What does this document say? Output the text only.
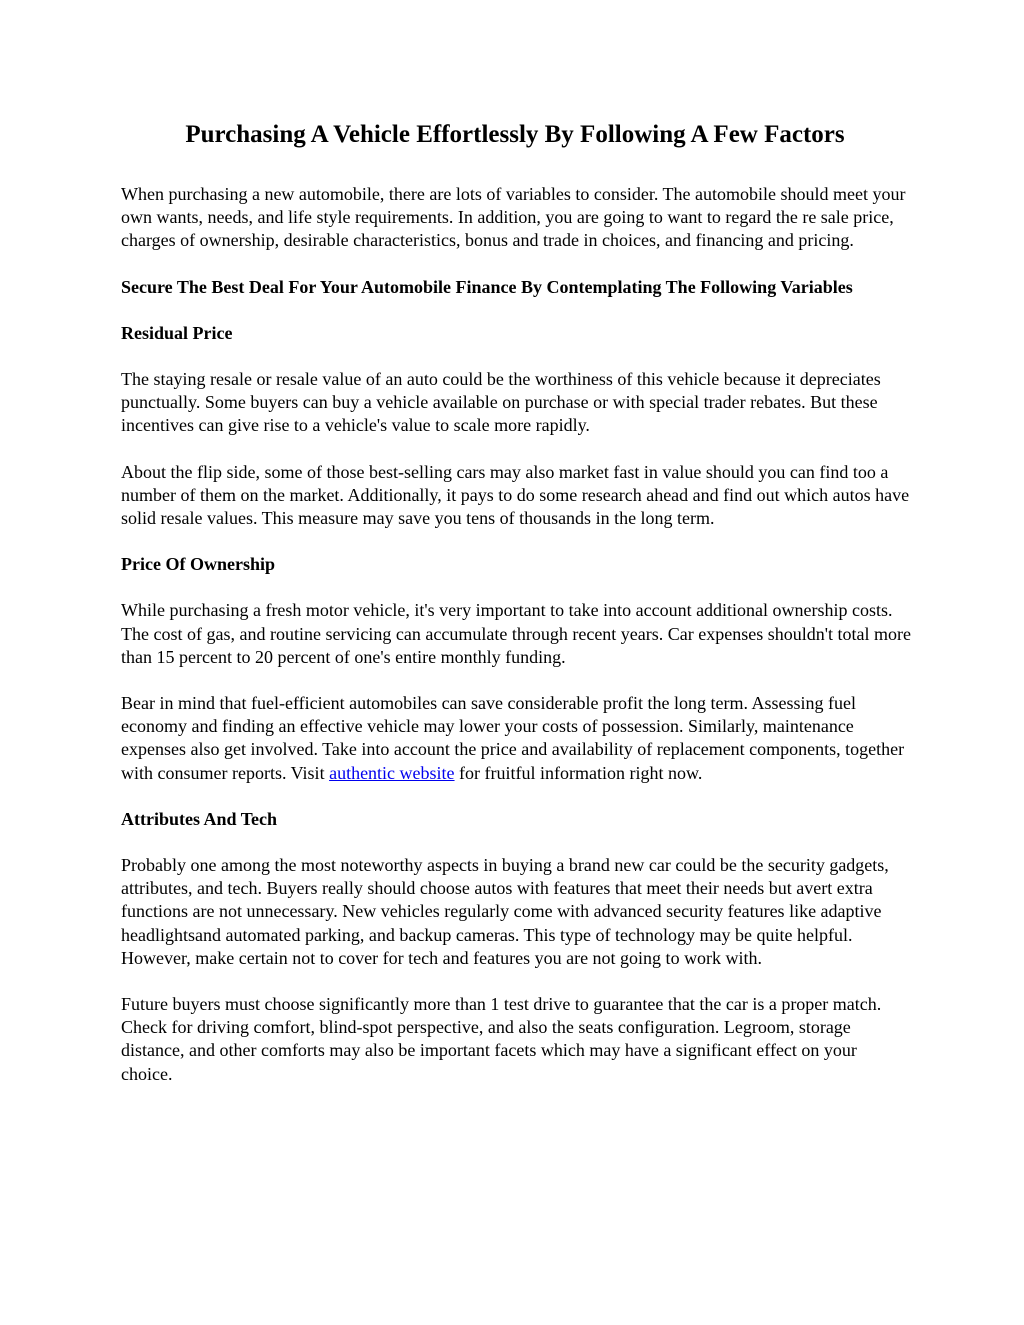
Purchasing A Vehicle Effortlessly By Following A Few Factors

When purchasing a new automobile, there are lots of variables to consider. The automobile should meet your own wants, needs, and life style requirements. In addition, you are going to want to regard the re sale price, charges of ownership, desirable characteristics, bonus and trade in choices, and financing and pricing.

Secure The Best Deal For Your Automobile Finance By Contemplating The Following Variables
Residual Price

The staying resale or resale value of an auto could be the worthiness of this vehicle because it depreciates punctually. Some buyers can buy a vehicle available on purchase or with special trader rebates. But these incentives can give rise to a vehicle's value to scale more rapidly.

About the flip side, some of those best-selling cars may also market fast in value should you can find too a number of them on the market. Additionally, it pays to do some research ahead and find out which autos have solid resale values. This measure may save you tens of thousands in the long term.

Price Of Ownership

While purchasing a fresh motor vehicle, it's very important to take into account additional ownership costs. The cost of gas, and routine servicing can accumulate through recent years. Car expenses shouldn't total more than 15 percent to 20 percent of one's entire monthly funding.

Bear in mind that fuel-efficient automobiles can save considerable profit the long term. Assessing fuel economy and finding an effective vehicle may lower your costs of possession. Similarly, maintenance expenses also get involved. Take into account the price and availability of replacement components, together with consumer reports. Visit authentic website for fruitful information right now.

Attributes And Tech

Probably one among the most noteworthy aspects in buying a brand new car could be the security gadgets, attributes, and tech. Buyers really should choose autos with features that meet their needs but avert extra functions are not unnecessary. New vehicles regularly come with advanced security features like adaptive headlightsand automated parking, and backup cameras. This type of technology may be quite helpful. However, make certain not to cover for tech and features you are not going to work with.

Future buyers must choose significantly more than 1 test drive to guarantee that the car is a proper match. Check for driving comfort, blind-spot perspective, and also the seats configuration. Legroom, storage distance, and other comforts may also be important facets which may have a significant effect on your choice.
